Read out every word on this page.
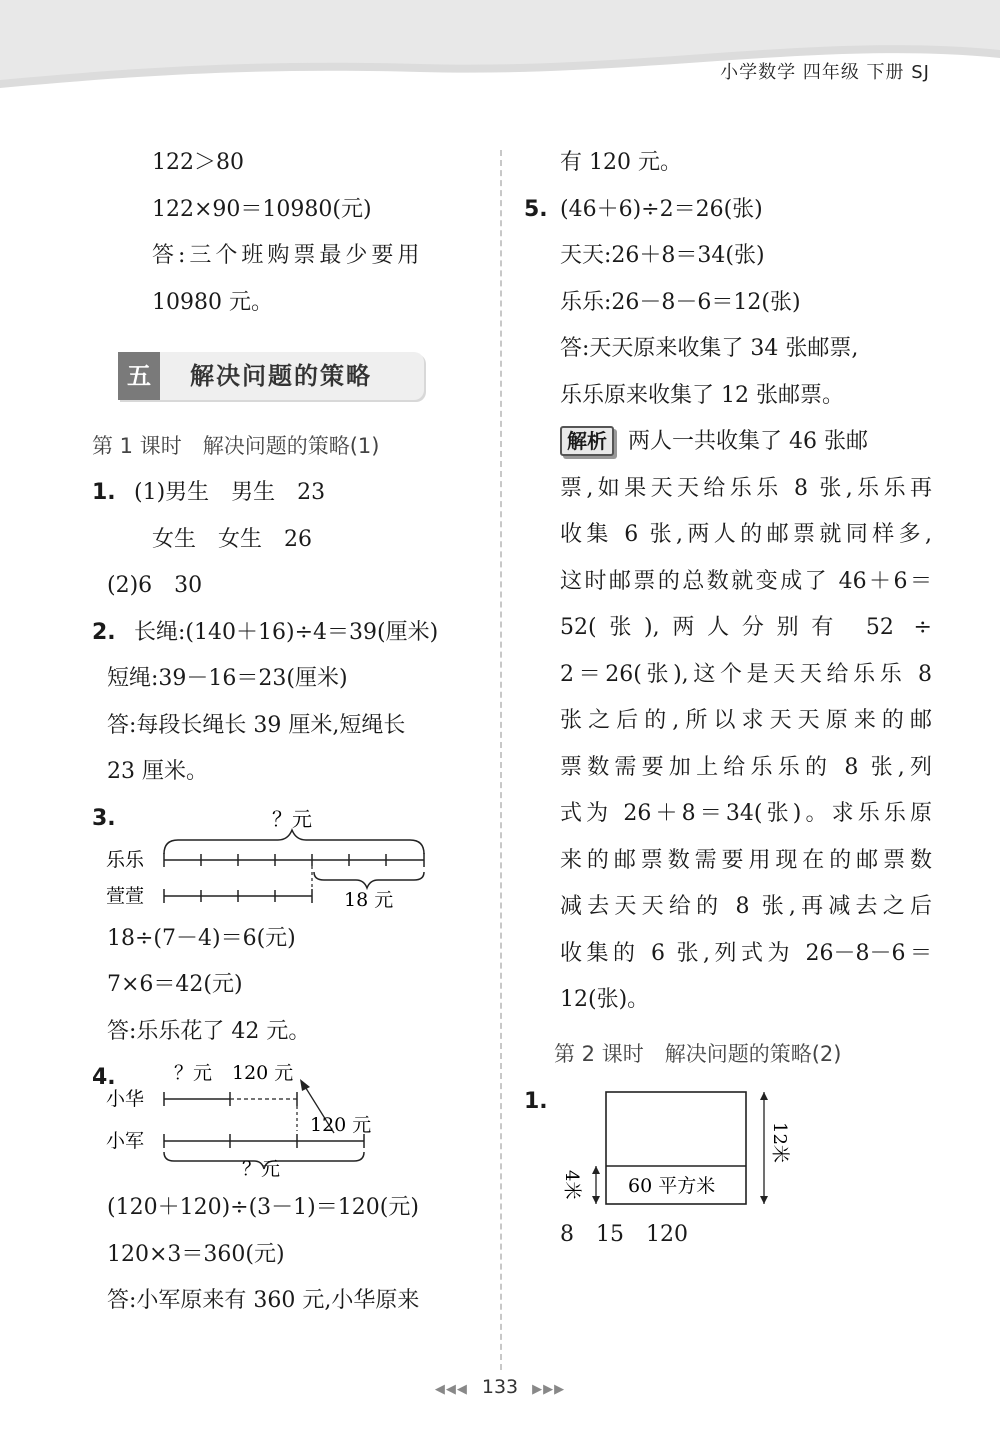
小学数学 四年级 下册 SJ
122＞80
122×90＝10980(元)
答:三个班购票最少要用
10980 元。
五	解决问题的策略
第 1 课时　解决问题的策略(1)
1. (1)男生　男生　23
女生　女生　26
(2)6　30
2. 长绳:(140＋16)÷4＝39(厘米)
短绳:39－16＝23(厘米)
答:每段长绳长 39 厘米,短绳长
23 厘米。
3.	？元
乐乐
萱萱	18 元
18÷(7－4)＝6(元)
7×6＝42(元)
答:乐乐花了 42 元。
4.	？元 120 元
小华
120 元
小军
？元
(120＋120)÷(3－1)＝120(元)
120×3＝360(元)
答:小军原来有 360 元,小华原来
有 120 元。
5. (46＋6)÷2＝26(张)
天天:26＋8＝34(张)
乐乐:26－8－6＝12(张)
答:天天原来收集了 34 张邮票,
乐乐原来收集了 12 张邮票。
解析 两人一共收集了 46 张邮
票,如果天天给乐乐 8 张,乐乐再
收集 6 张,两人的邮票就同样多,
这时邮票的总数就变成了 46＋6＝
52(张),两人分别有 52 ÷
2＝26(张),这个是天天给乐乐 8
张之后的,所以求天天原来的邮
票数需要加上给乐乐的 8 张,列
式为 26＋8＝34(张)。求乐乐原
来的邮票数需要用现在的邮票数
减去天天给的 8 张,再减去之后
收集的 6 张,列式为 26－8－6＝
12(张)。
第 2 课时　解决问题的策略(2)
1.
60 平方米
4米
12米
8　15　120
◀◀◀ 133 ▶▶▶
